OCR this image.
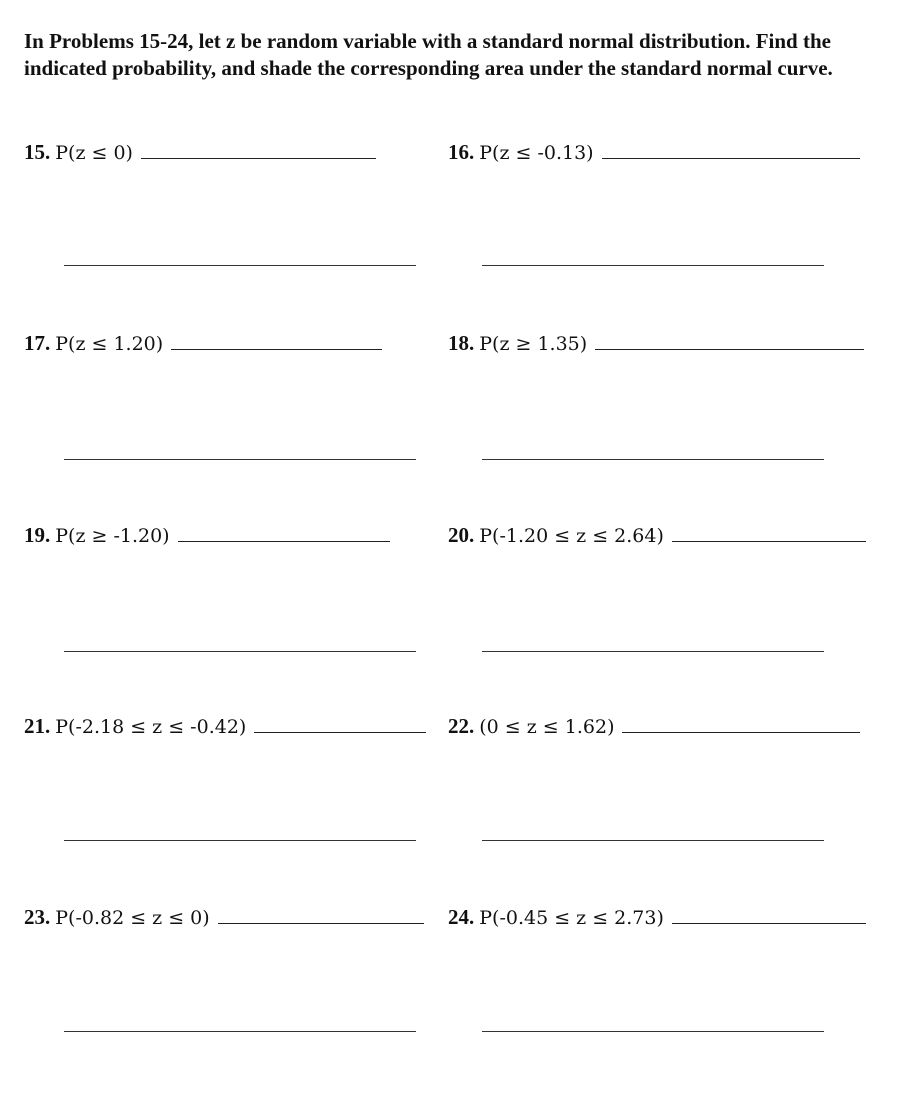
In Problems 15-24, let z be random variable with a standard normal distribution. Find the indicated probability, and shade the corresponding area under the standard normal curve.

15. P(z ≤ 0)	16. P(z ≤ -0.13)
17. P(z ≤ 1.20)	18. P(z ≥ 1.35)
19. P(z ≥ -1.20)	20. P(-1.20 ≤ z ≤ 2.64)
21. P(-2.18 ≤ z ≤ -0.42)	22. (0 ≤ z ≤ 1.62)
23. P(-0.82 ≤ z ≤ 0)	24. P(-0.45 ≤ z ≤ 2.73)
